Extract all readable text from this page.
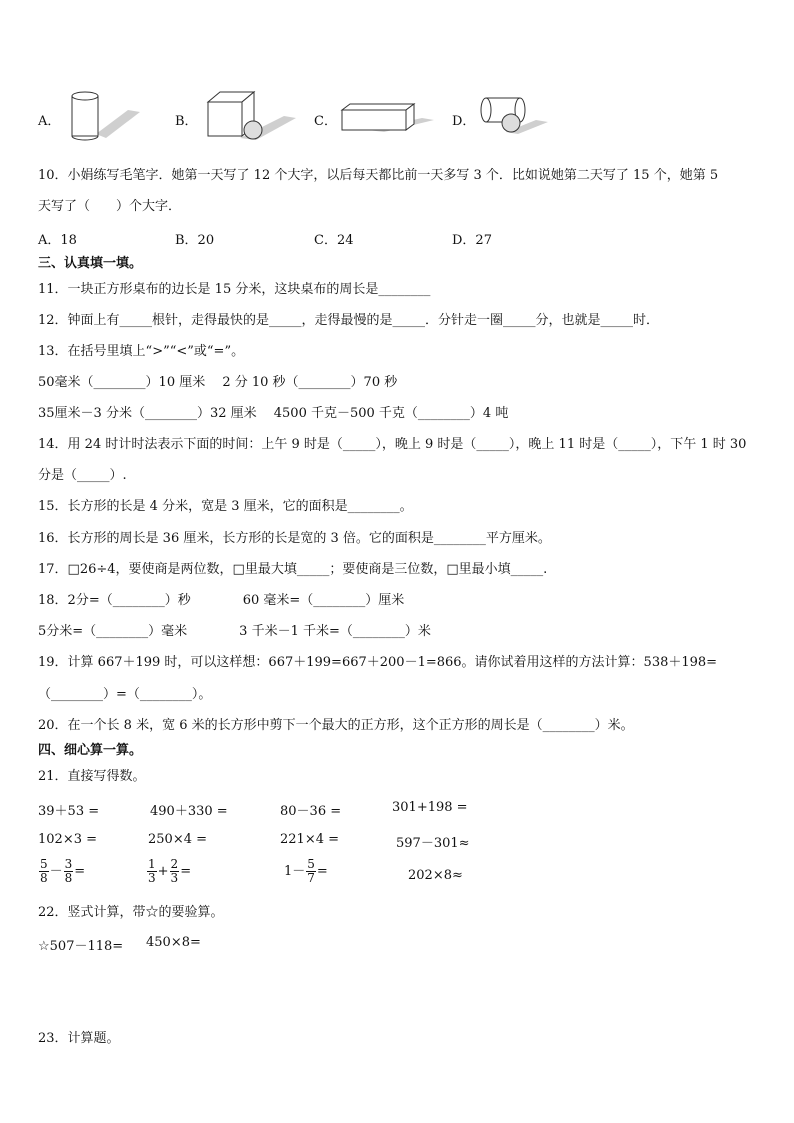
A．	B．	C．	D．
10．小娟练写毛笔字．她第一天写了 12 个大字，以后每天都比前一天多写 3 个．比如说她第二天写了 15 个，她第 5
天写了（　　）个大字．
A．18	B．20	C．24	D．27
三、认真填一填。
11．一块正方形桌布的边长是 15 分米，这块桌布的周长是________
12．钟面上有_____根针，走得最快的是_____，走得最慢的是_____．分针走一圈_____分，也就是_____时．
13．在括号里填上“>”“<”或“=”。
50毫米（________）10 厘米　 2 分 10 秒（________）70 秒
35厘米－3 分米（________）32 厘米　 4500 千克－500 千克（________）4 吨
14．用 24 时计时法表示下面的时间：上午 9 时是（_____），晚上 9 时是（_____），晚上 11 时是（_____），下午 1 时 30
分是（_____）.
15．长方形的长是 4 分米，宽是 3 厘米，它的面积是________。
16．长方形的周长是 36 厘米，长方形的长是宽的 3 倍。它的面积是________平方厘米。
17．□26÷4，要使商是两位数，□里最大填_____；要使商是三位数，□里最小填_____.
18．2分=（________）秒　　　　60 毫米=（________）厘米
5分米=（________）毫米　　　　3 千米－1 千米=（________）米
19．计算 667＋199 时，可以这样想：667＋199=667＋200－1=866。请你试着用这样的方法计算：538＋198=
（________）=（________）。
20．在一个长 8 米，宽 6 米的长方形中剪下一个最大的正方形，这个正方形的周长是（________）米。
四、细心算一算。
21．直接写得数。
39＋53 =	490＋330 =	80－36 =	301+198 =
102×3 =	250×4 =	221×4 =	597－301≈
$\frac{5}{8} - \frac{3}{8}$ =	$\frac{1}{3} + \frac{2}{3}$ =	$1- \frac{5}{7}$ =	202×8≈
22．竖式计算，带☆的要验算。
☆507－118= 450×8=
23．计算题。
